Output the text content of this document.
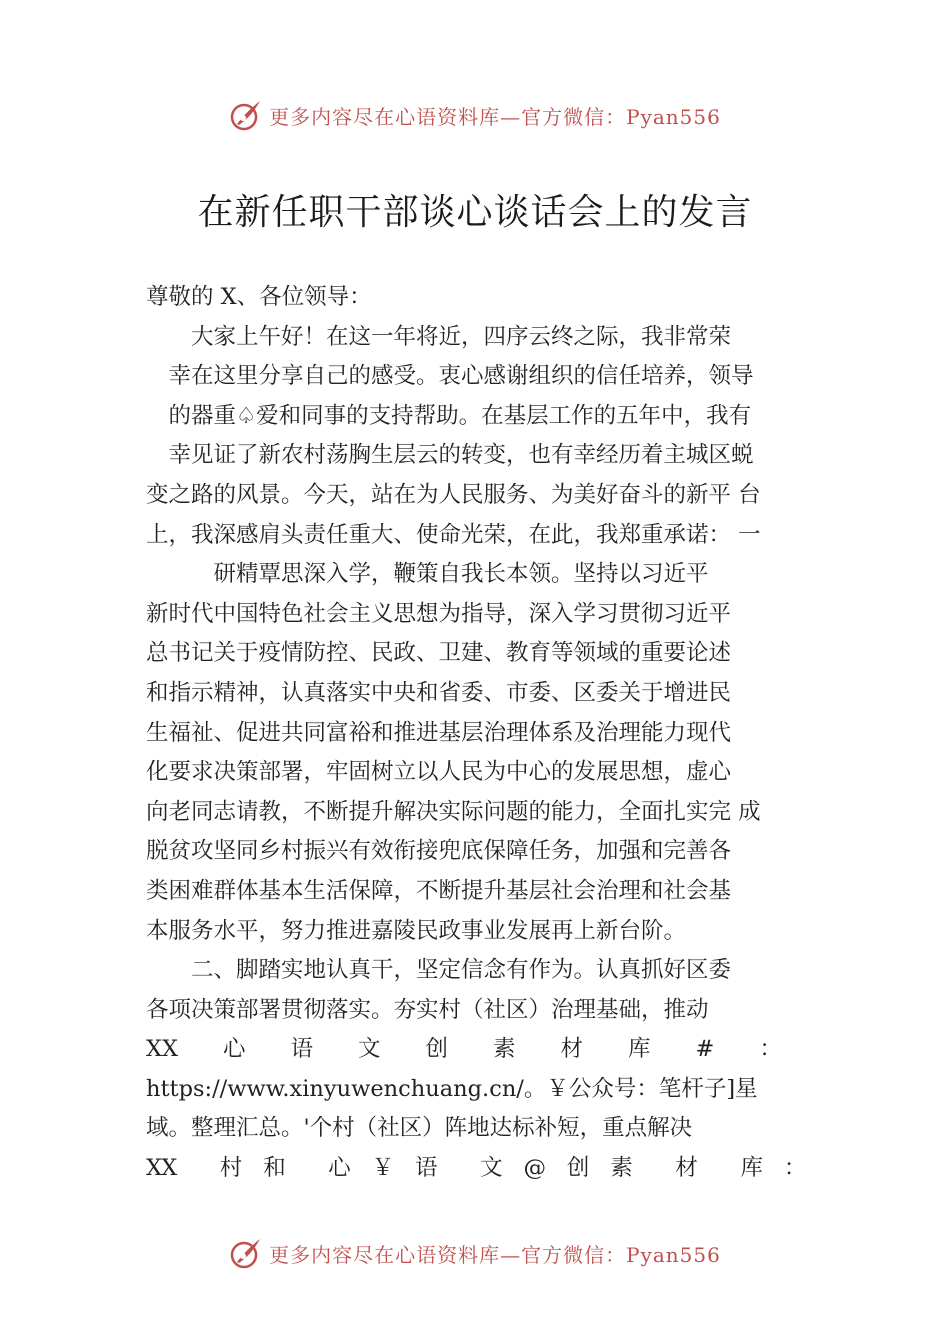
更多内容尽在心语资料库—官方微信：Pyan556
在新任职干部谈心谈话会上的发言
尊敬的 X、各位领导：
　　大家上午好！在这一年将近，四序云终之际，我非常荣
　幸在这里分享自己的感受。衷心感谢组织的信任培养，领导
　的器重♤爱和同事的支持帮助。在基层工作的五年中，我有
　幸见证了新农村荡胸生层云的转变，也有幸经历着主城区蜕
变之路的风景。今天，站在为人民服务、为美好奋斗的新平 台
上，我深感肩头责任重大、使命光荣，在此，我郑重承诺： 一
　　　研精覃思深入学，鞭策自我长本领。坚持以习近平
新时代中国特色社会主义思想为指导，深入学习贯彻习近平
总书记关于疫情防控、民政、卫建、教育等领域的重要论述
和指示精神，认真落实中央和省委、市委、区委关于增进民
生福祉、促进共同富裕和推进基层治理体系及治理能力现代
化要求决策部署，牢固树立以人民为中心的发展思想，虚心
向老同志请教，不断提升解决实际问题的能力，全面扎实完 成
脱贫攻坚同乡村振兴有效衔接兜底保障任务，加强和完善各
类困难群体基本生活保障，不断提升基层社会治理和社会基
本服务水平，努力推进嘉陵民政事业发展再上新台阶。
　　二、脚踏实地认真干，坚定信念有作为。认真抓好区委
各项决策部署贯彻落实。夯实村（社区）治理基础，推动
XX　　心　　语　　文　　创　　素　　材　　库　　#　　：
https://www.xinyuwenchuang.cn/。￥公众号：笔杆子]星
域。整理汇总。'个村（社区）阵地达标补短，重点解决
XX　　村　和　　心　￥　语　　文　@　创　素　　材　　库　：
更多内容尽在心语资料库—官方微信：Pyan556
